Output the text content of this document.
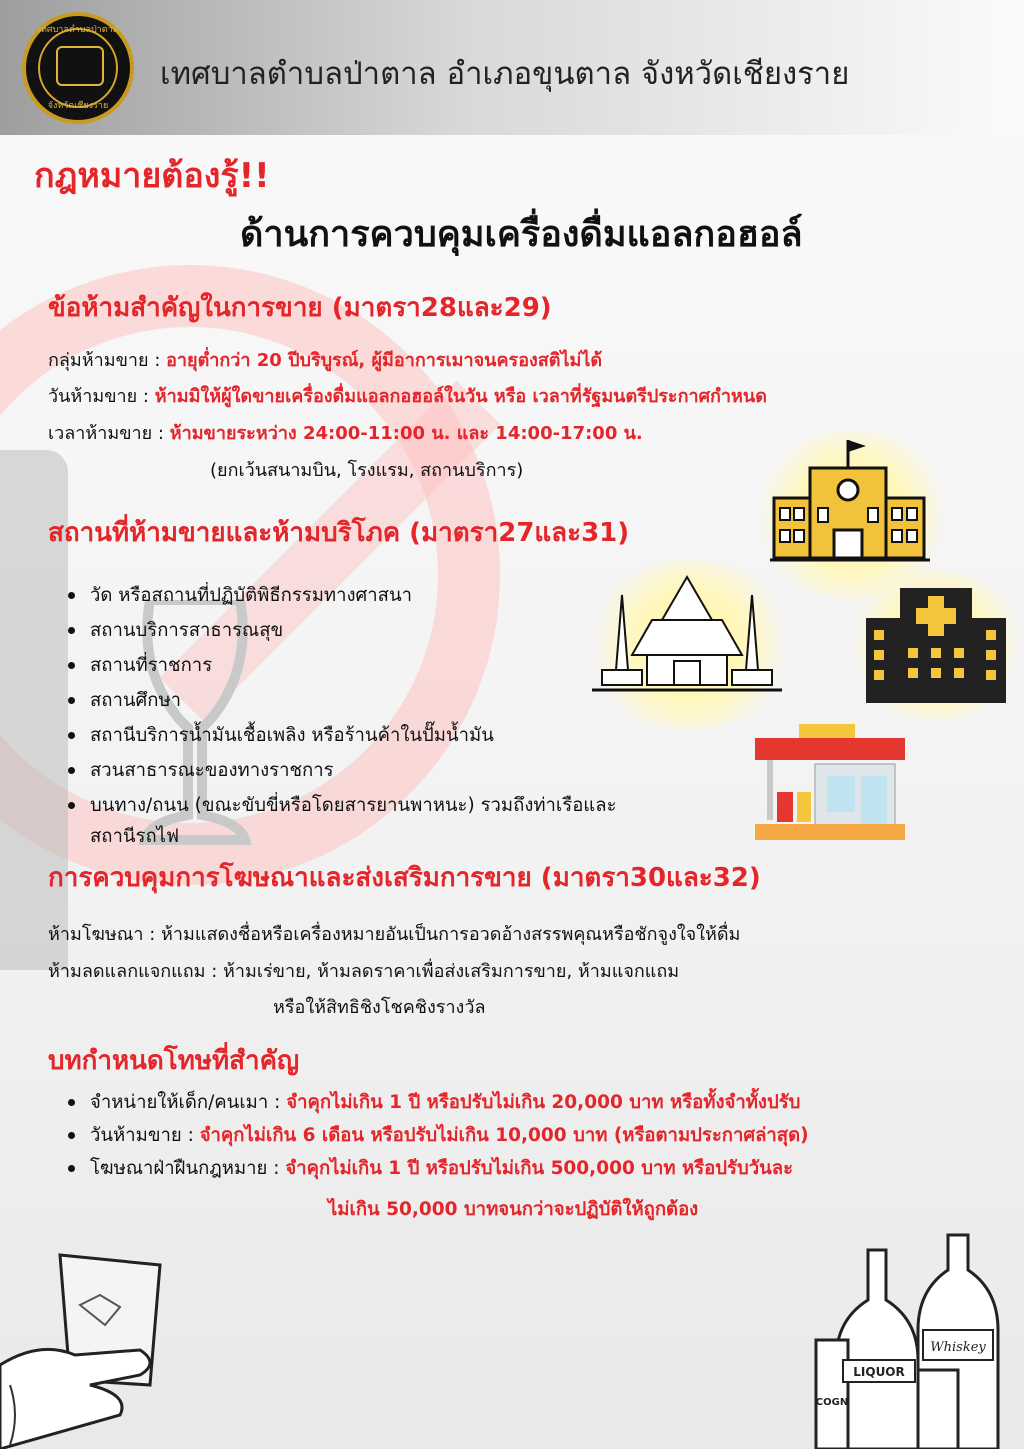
เทศบาลตำบลป่าตาล
จังหวัดเชียงราย
เทศบาลตำบลป่าตาล อำเภอขุนตาล จังหวัดเชียงราย
กฎหมายต้องรู้!!
ด้านการควบคุมเครื่องดื่มแอลกอฮอล์
ข้อห้ามสำคัญในการขาย (มาตรา28และ29)
กลุ่มห้ามขาย : อายุต่ำกว่า 20 ปีบริบูรณ์, ผู้มีอาการเมาจนครองสติไม่ได้
วันห้ามขาย : ห้ามมิให้ผู้ใดขายเครื่องดื่มแอลกอฮอล์ในวัน หรือ เวลาที่รัฐมนตรีประกาศกำหนด
เวลาห้ามขาย : ห้ามขายระหว่าง 24:00-11:00 น. และ 14:00-17:00 น.
(ยกเว้นสนามบิน, โรงแรม, สถานบริการ)
สถานที่ห้ามขายและห้ามบริโภค (มาตรา27และ31)
วัด หรือสถานที่ปฏิบัติพิธีกรรมทางศาสนา
สถานบริการสาธารณสุข
สถานที่ราชการ
สถานศึกษา
สถานีบริการน้ำมันเชื้อเพลิง หรือร้านค้าในปั๊มน้ำมัน
สวนสาธารณะของทางราชการ
บนทาง/ถนน (ขณะขับขี่หรือโดยสารยานพาหนะ) รวมถึงท่าเรือและ
สถานีรถไฟ
การควบคุมการโฆษณาและส่งเสริมการขาย (มาตรา30และ32)
ห้ามโฆษณา : ห้ามแสดงชื่อหรือเครื่องหมายอันเป็นการอวดอ้างสรรพคุณหรือชักจูงใจให้ดื่ม
ห้ามลดแลกแจกแถม : ห้ามเร่ขาย, ห้ามลดราคาเพื่อส่งเสริมการขาย, ห้ามแจกแถม
หรือให้สิทธิชิงโชคชิงรางวัล
บทกำหนดโทษที่สำคัญ
จำหน่ายให้เด็ก/คนเมา : จำคุกไม่เกิน 1 ปี หรือปรับไม่เกิน 20,000 บาท หรือทั้งจำทั้งปรับ
วันห้ามขาย : จำคุกไม่เกิน 6 เดือน หรือปรับไม่เกิน 10,000 บาท (หรือตามประกาศล่าสุด)
โฆษณาฝ่าฝืนกฎหมาย : จำคุกไม่เกิน 1 ปี หรือปรับไม่เกิน 500,000 บาท หรือปรับวันละ
ไม่เกิน 50,000 บาทจนกว่าจะปฏิบัติให้ถูกต้อง
Whiskey
LIQUOR
COGN
